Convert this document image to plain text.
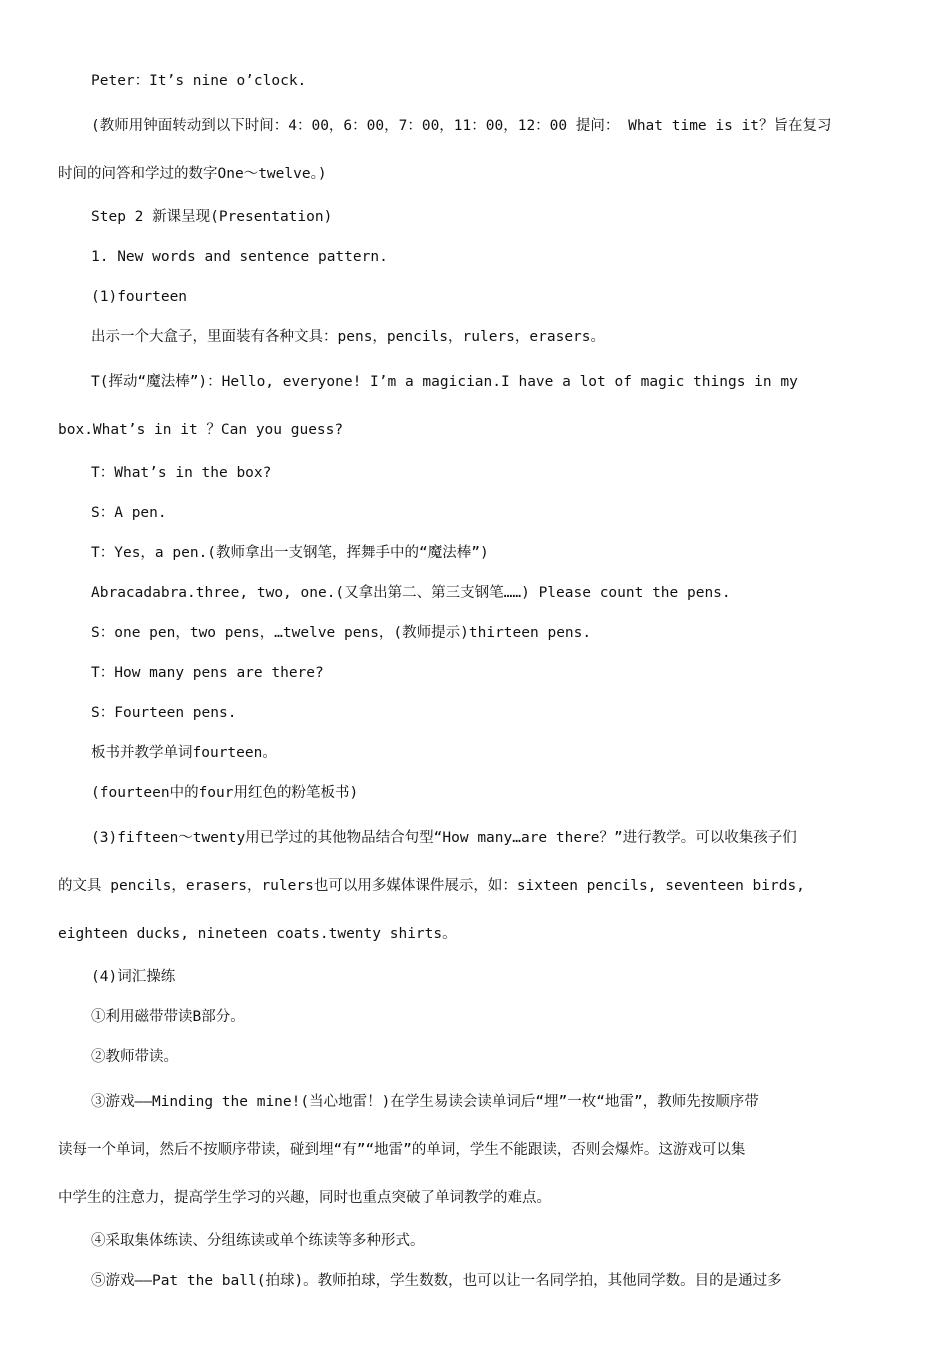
Peter：It’s nine o’clock.
(教师用钟面转动到以下时间：4：00，6：00，7：00，11：00，12：00 提问： What time is it？旨在复习
时间的问答和学过的数字One～twelve。)
Step 2 新课呈现(Presentation)
1. New words and sentence pattern.
(1)fourteen
出示一个大盒子，里面装有各种文具：pens，pencils，rulers，erasers。
T(挥动“魔法棒”)：Hello, everyone! I’m a magician.I have a lot of magic things in my
box.What’s in it ？Can you guess?
T：What’s in the box?
S：A pen.
T：Yes，a pen.(教师拿出一支钢笔，挥舞手中的“魔法棒”)
Abracadabra.three, two, one.(又拿出第二、第三支钢笔……) Please count the pens.
S：one pen，two pens，…twelve pens，(教师提示)thirteen pens.
T：How many pens are there?
S：Fourteen pens.
板书并教学单词fourteen。
(fourteen中的four用红色的粉笔板书)
(3)fifteen～twenty用已学过的其他物品结合句型“How many…are there？”进行教学。可以收集孩子们
的文具 pencils，erasers，rulers也可以用多媒体课件展示，如：sixteen pencils, seventeen birds,
eighteen ducks, nineteen coats.twenty shirts。
(4)词汇操练
①利用磁带带读B部分。
②教师带读。
③游戏——Minding the mine!(当心地雷！)在学生易读会读单词后“埋”一枚“地雷”，教师先按顺序带
读每一个单词，然后不按顺序带读，碰到埋“有”“地雷”的单词，学生不能跟读，否则会爆炸。这游戏可以集
中学生的注意力，提高学生学习的兴趣，同时也重点突破了单词教学的难点。
④采取集体练读、分组练读或单个练读等多种形式。
⑤游戏——Pat the ball(拍球)。教师拍球，学生数数，也可以让一名同学拍，其他同学数。目的是通过多
